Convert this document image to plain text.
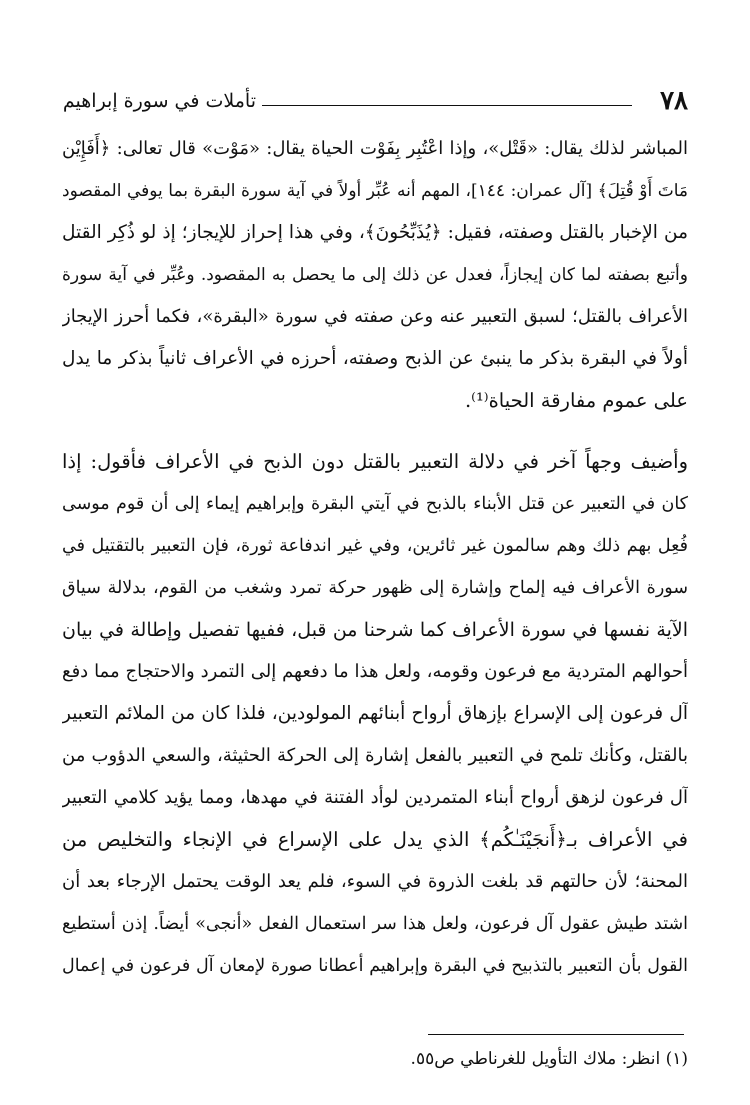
٧٨
تأملات في سورة إبراهيم
المباشر لذلك يقال: «قَتْل»، وإذا اعْتُبِر بِفَوْت الحياة يقال: «مَوْت» قال تعالى: ﴿أَفَإِيْن
مَاتَ أَوْ قُتِلَ﴾ [آل عمران: ١٤٤]، المهم أنه عُبِّر أولاً في آية سورة البقرة بما يوفي المقصود
من الإخبار بالقتل وصفته، فقيل: ﴿يُذَبِّحُونَ﴾، وفي هذا إحراز للإيجاز؛ إذ لو ذُكِر القتل
وأتبع بصفته لما كان إيجازاً، فعدل عن ذلك إلى ما يحصل به المقصود. وعُبِّر في آية سورة
الأعراف بالقتل؛ لسبق التعبير عنه وعن صفته في سورة «البقرة»، فكما أحرز الإيجاز
أولاً في البقرة بذكر ما ينبئ عن الذبح وصفته، أحرزه في الأعراف ثانياً بذكر ما يدل
على عموم مفارقة الحياة⁽¹⁾.
وأضيف وجهاً آخر في دلالة التعبير بالقتل دون الذبح في الأعراف فأقول: إذا
كان في التعبير عن قتل الأبناء بالذبح في آيتي البقرة وإبراهيم إيماء إلى أن قوم موسى
فُعِل بهم ذلك وهم سالمون غير ثائرين، وفي غير اندفاعة ثورة، فإن التعبير بالتقتيل في
سورة الأعراف فيه إلماح وإشارة إلى ظهور حركة تمرد وشغب من القوم، بدلالة سياق
الآية نفسها في سورة الأعراف كما شرحنا من قبل، ففيها تفصيل وإطالة في بيان
أحوالهم المتردية مع فرعون وقومه، ولعل هذا ما دفعهم إلى التمرد والاحتجاج مما دفع
آل فرعون إلى الإسراع بإزهاق أرواح أبنائهم المولودين، فلذا كان من الملائم التعبير
بالقتل، وكأنك تلمح في التعبير بالفعل إشارة إلى الحركة الحثيثة، والسعي الدؤوب من
آل فرعون لزهق أرواح أبناء المتمردين لوأد الفتنة في مهدها، ومما يؤيد كلامي التعبير
في الأعراف بـ﴿أَنجَيْنَـٰكُم﴾ الذي يدل على الإسراع في الإنجاء والتخليص من
المحنة؛ لأن حالتهم قد بلغت الذروة في السوء، فلم يعد الوقت يحتمل الإرجاء بعد أن
اشتد طيش عقول آل فرعون، ولعل هذا سر استعمال الفعل «أنجى» أيضاً. إذن أستطيع
القول بأن التعبير بالتذبيح في البقرة وإبراهيم أعطانا صورة لإمعان آل فرعون في إعمال
(١) انظر: ملاك التأويل للغرناطي ص٥٥.
